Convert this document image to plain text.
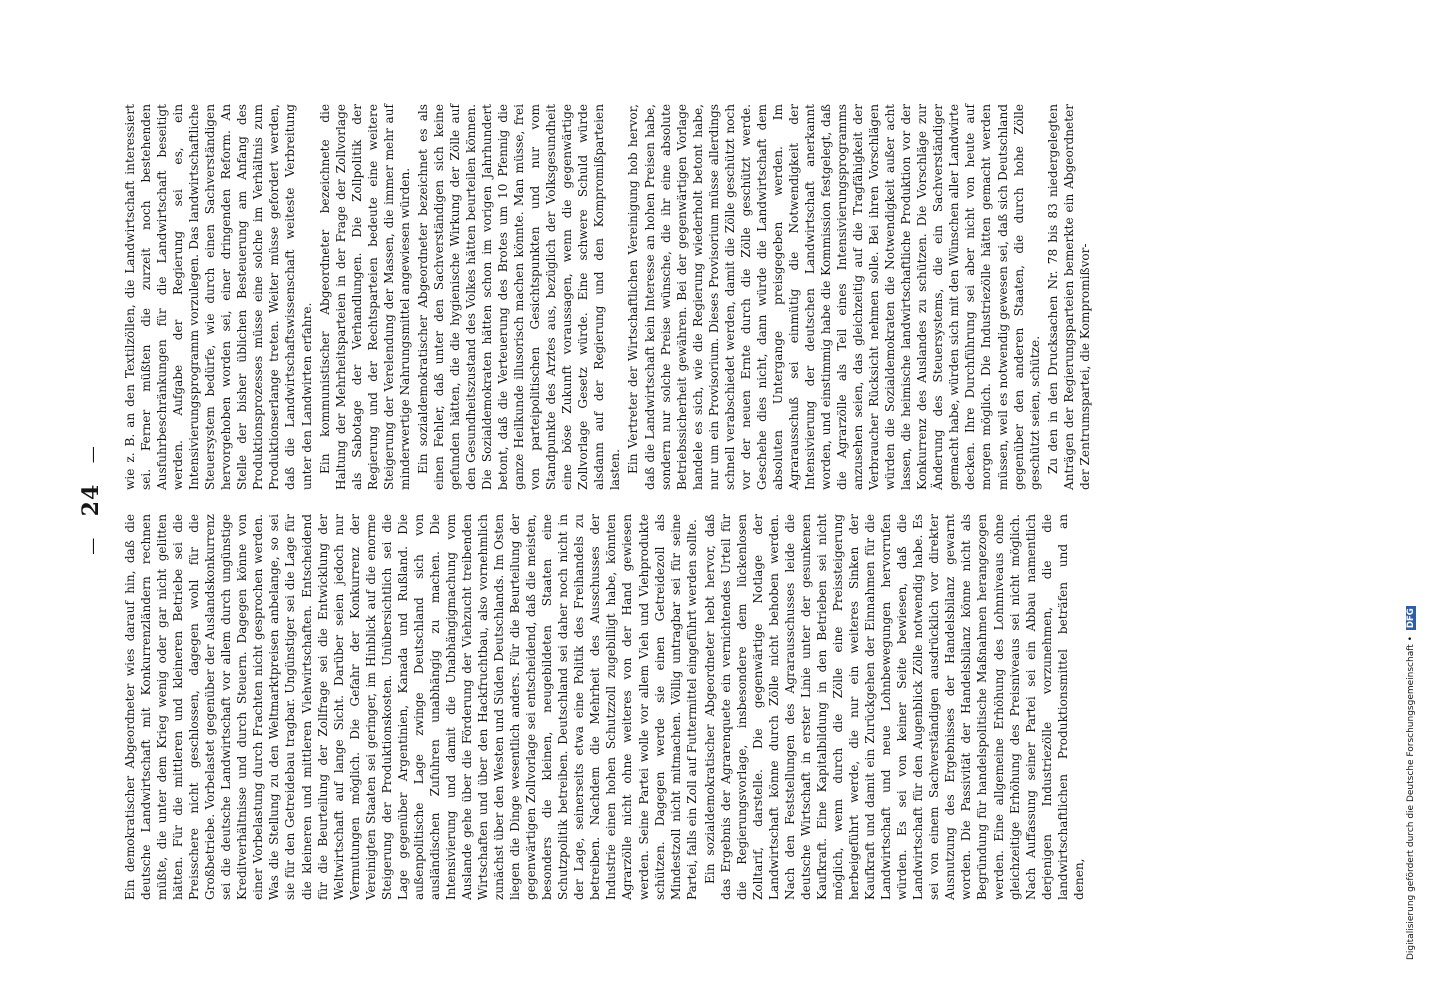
— 24 —

Ein demokratischer Abgeordneter wies darauf hin, daß die deutsche Landwirtschaft mit Konkurrenzländern rechnen müßte, die unter dem Krieg wenig oder gar nicht gelitten hätten. Für die mittleren und kleineren Betriebe sei die Preisschere nicht geschlossen, dagegen wohl für die Großbetriebe. Vorbelastet gegenüber der Auslandskonkurrenz sei die deutsche Landwirtschaft vor allem durch ungünstige Kreditverhältnisse und durch Steuern. Dagegen könne von einer Vorbelastung durch Frachten nicht gesprochen werden. Was die Stellung zu den Weltmarktpreisen anbelange, so sei sie für den Getreidebau tragbar. Ungünstiger sei die Lage für die kleineren und mittleren Viehwirtschaften. Entscheidend für die Beurteilung der Zollfrage sei die Entwicklung der Weltwirtschaft auf lange Sicht. Darüber seien jedoch nur Vermutungen möglich. Die Gefahr der Konkurrenz der Vereinigten Staaten sei geringer, im Hinblick auf die enorme Steigerung der Produktionskosten. Unübersichtlich sei die Lage gegenüber Argentinien, Kanada und Rußland. Die außenpolitische Lage zwinge Deutschland sich von ausländischen Zufuhren unabhängig zu machen. Die Intensivierung und damit die Unabhängigmachung vom Auslande gehe über die Förderung der Viehzucht treibenden Wirtschaften und über den Hackfruchtbau, also vornehmlich zunächst über den Westen und Süden Deutschlands. Im Osten liegen die Dinge wesentlich anders. Für die Beurteilung der gegenwärtigen Zollvorlage sei entscheidend, daß die meisten, besonders die kleinen, neugebildeten Staaten eine Schutzpolitik betreiben. Deutschland sei daher noch nicht in der Lage, seinerseits etwa eine Politik des Freihandels zu betreiben. Nachdem die Mehrheit des Ausschusses der Industrie einen hohen Schutzzoll zugebilligt habe, könnten Agrarzölle nicht ohne weiteres von der Hand gewiesen werden. Seine Partei wolle vor allem Vieh und Viehprodukte schützen. Dagegen werde sie einen Getreidezoll als Mindestzoll nicht mitmachen. Völlig untragbar sei für seine Partei, falls ein Zoll auf Futtermittel eingeführt werden sollte. Ein sozialdemokratischer Abgeordneter hebt hervor, daß das Ergebnis der Agrarenquete ein vernichtendes Urteil für die Regierungsvorlage, insbesondere dem lückenlosen Zolltarif, darstelle. Die gegenwärtige Notlage der Landwirtschaft könne durch Zölle nicht behoben werden. Nach den Feststellungen des Agrarausschusses leide die deutsche Wirtschaft in erster Linie unter der gesunkenen Kaufkraft. Eine Kapitalbildung in den Betrieben sei nicht möglich, wenn durch die Zölle eine Preissteigerung herbeigeführt werde, die nur ein weiteres Sinken der Kaufkraft und damit ein Zurückgehen der Einnahmen für die Landwirtschaft und neue Lohnbewegungen hervorrufen würden. Es sei von keiner Seite bewiesen, daß die Landwirtschaft für den Augenblick Zölle notwendig habe. Es sei von einem Sachverständigen ausdrücklich vor direkter Ausnutzung des Ergebnisses der Handelsbilanz gewarnt worden. Die Passivität der Handelsbilanz könne nicht als Begründung für handelspolitische Maßnahmen herangezogen werden. Eine allgemeine Erhöhung des Lohnniveaus ohne gleichzeitige Erhöhung des Preisniveaus sei nicht möglich. Nach Auffassung seiner Partei sei ein Abbau namentlich derjenigen Industriezölle vorzunehmen, die die landwirtschaftlichen Produktionsmittel beträfen und an denen,

wie z. B. an den Textilzöllen, die Landwirtschaft interessiert sei. Ferner müßten die zurzeit noch bestehenden Ausfuhrbeschränkungen für die Landwirtschaft beseitigt werden. Aufgabe der Regierung sei es, ein Intensivierungsprogramm vorzulegen. Das landwirtschaftliche Steuersystem bedürfe, wie durch einen Sachverständigen hervorgehoben worden sei, einer dringenden Reform. An Stelle der bisher üblichen Besteuerung am Anfang des Produktionsprozesses müsse eine solche im Verhältnis zum Produktionserlange treten. Weiter müsse gefordert werden, daß die Landwirtschaftswissenschaft weiteste Verbreitung unter den Landwirten erfahre. Ein kommunistischer Abgeordneter bezeichnete die Haltung der Mehrheitsparteien in der Frage der Zollvorlage als Sabotage der Verhandlungen. Die Zollpolitik der Regierung und der Rechtsparteien bedeute eine weitere Steigerung der Verelendung der Massen, die immer mehr auf minderwertige Nahrungsmittel angewiesen würden. Ein sozialdemokratischer Abgeordneter bezeichnet es als einen Fehler, daß unter den Sachverständigen sich keine gefunden hätten, die die hygienische Wirkung der Zölle auf den Gesundheitszustand des Volkes hätten beurteilen können. Die Sozialdemokraten hätten schon im vorigen Jahrhundert betont, daß die Verteuerung des Brotes um 10 Pfennig die ganze Heilkunde illusorisch machen könnte. Man müsse, frei von parteipolitischen Gesichtspunkten und nur vom Standpunkte des Arztes aus, bezüglich der Volksgesundheit eine böse Zukunft voraussagen, wenn die gegenwärtige Zollvorlage Gesetz würde. Eine schwere Schuld würde alsdann auf der Regierung und den Kompromißparteien lasten. Ein Vertreter der Wirtschaftlichen Vereinigung hob hervor, daß die Landwirtschaft kein Interesse an hohen Preisen habe, sondern nur solche Preise wünsche, die ihr eine absolute Betriebssicherheit gewähren. Bei der gegenwärtigen Vorlage handele es sich, wie die Regierung wiederholt betont habe, nur um ein Provisorium. Dieses Provisorium müsse allerdings schnell verabschiedet werden, damit die Zölle geschützt noch vor der neuen Ernte durch die Zölle geschützt werde. Geschehe dies nicht, dann würde die Landwirtschaft dem absoluten Untergange preisgegeben werden. Im Agrarausschuß sei einmütig die Notwendigkeit der Intensivierung der deutschen Landwirtschaft anerkannt worden, und einstimmig habe die Kommission festgelegt, daß die Agrarzölle als Teil eines Intensivierungsprogramms anzusehen seien, das gleichzeitig auf die Tragfähigkeit der Verbraucher Rücksicht nehmen solle. Bei ihren Vorschlägen würden die Sozialdemokraten die Notwendigkeit außer acht lassen, die heimische landwirtschaftliche Produktion vor der Konkurrenz des Auslandes zu schützen. Die Vorschläge zur Änderung des Steuersystems, die ein Sachverständiger gemacht habe, würden sich mit den Wünschen aller Landwirte decken. Ihre Durchführung sei aber nicht von heute auf morgen möglich. Die Industriezölle hätten gemacht werden müssen, weil es notwendig gewesen sei, daß sich Deutschland gegenüber den anderen Staaten, die durch hohe Zölle geschützt seien, schütze. Zu den in den Drucksachen Nr. 78 bis 83 niedergelegten Anträgen der Regierungsparteien bemerkte ein Abgeordneter der Zentrumspartei, die Kompromißvor-

Digitalisierung gefördert durch die Deutsche Forschungsgemeinschaft •DFG
